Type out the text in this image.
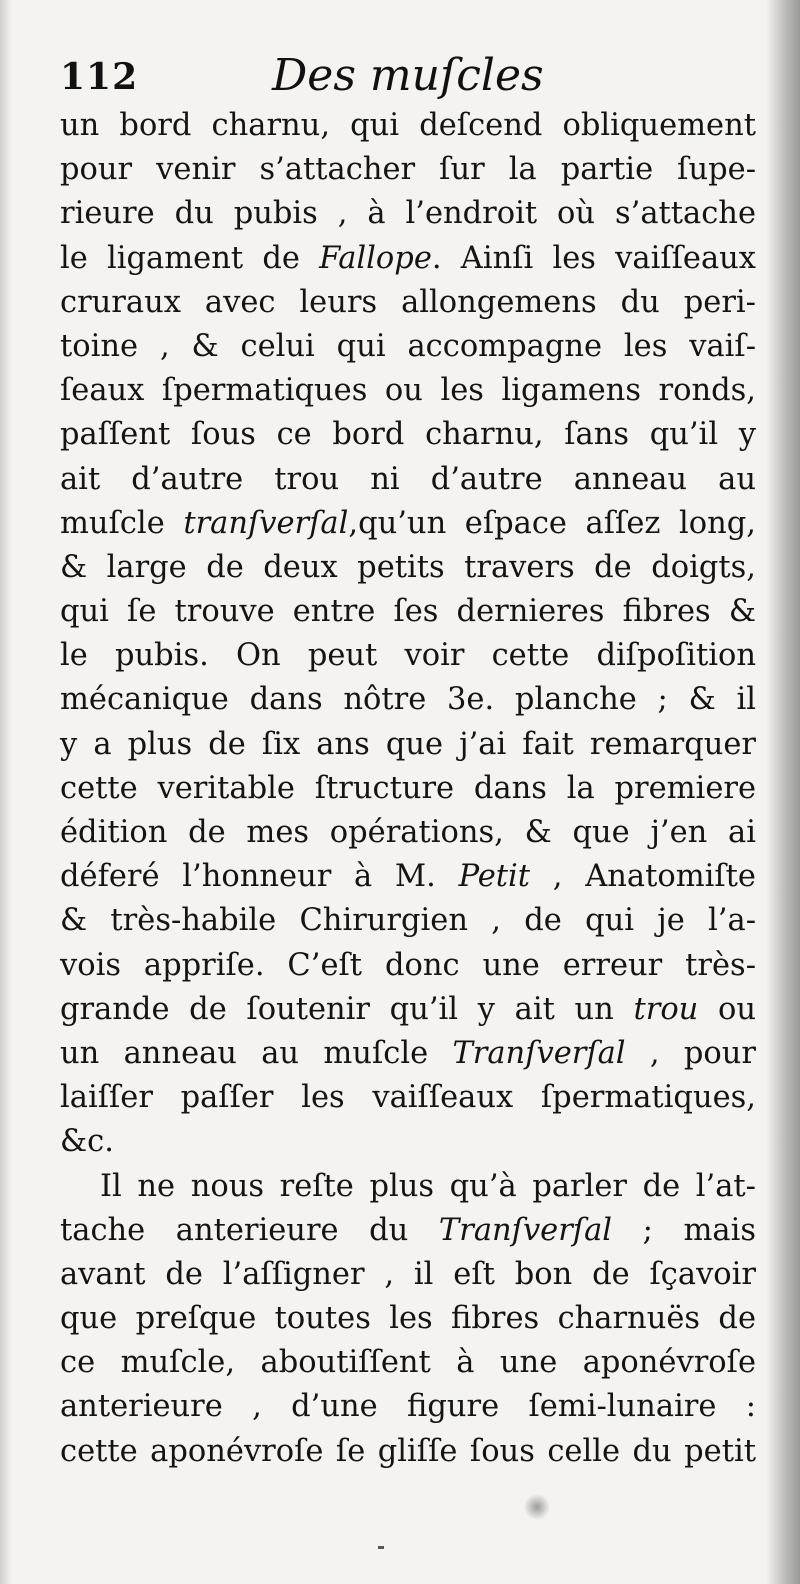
112	Des muſcles
un bord charnu, qui deſcend obliquement
pour venir s’attacher ſur la partie ſupe-
rieure du pubis , à l’endroit où s’attache
le ligament de Fallope. Ainſi les vaiſſeaux
cruraux avec leurs allongemens du peri-
toine , & celui qui accompagne les vaiſ-
ſeaux ſpermatiques ou les ligamens ronds,
paſſent ſous ce bord charnu, ſans qu’il y
ait d’autre trou ni d’autre anneau au
muſcle tranſverſal,qu’un eſpace aſſez long,
& large de deux petits travers de doigts,
qui ſe trouve entre ſes dernieres fibres &
le pubis. On peut voir cette diſpoſition
mécanique dans nôtre 3e. planche ; & il
y a plus de ſix ans que j’ai fait remarquer
cette veritable ſtructure dans la premiere
édition de mes opérations, & que j’en ai
déferé l’honneur à M. Petit , Anatomiſte
& très-habile Chirurgien , de qui je l’a-
vois appriſe. C’eſt donc une erreur très-
grande de ſoutenir qu’il y ait un trou ou
un anneau au muſcle Tranſverſal , pour
laiſſer paſſer les vaiſſeaux ſpermatiques,
&c.
Il ne nous reſte plus qu’à parler de l’at-
tache anterieure du Tranſverſal ; mais
avant de l’aſſigner , il eſt bon de ſçavoir
que preſque toutes les fibres charnuës de
ce muſcle, aboutiſſent à une aponévroſe
anterieure , d’une figure ſemi-lunaire :
cette aponévroſe ſe gliſſe ſous celle du petit
